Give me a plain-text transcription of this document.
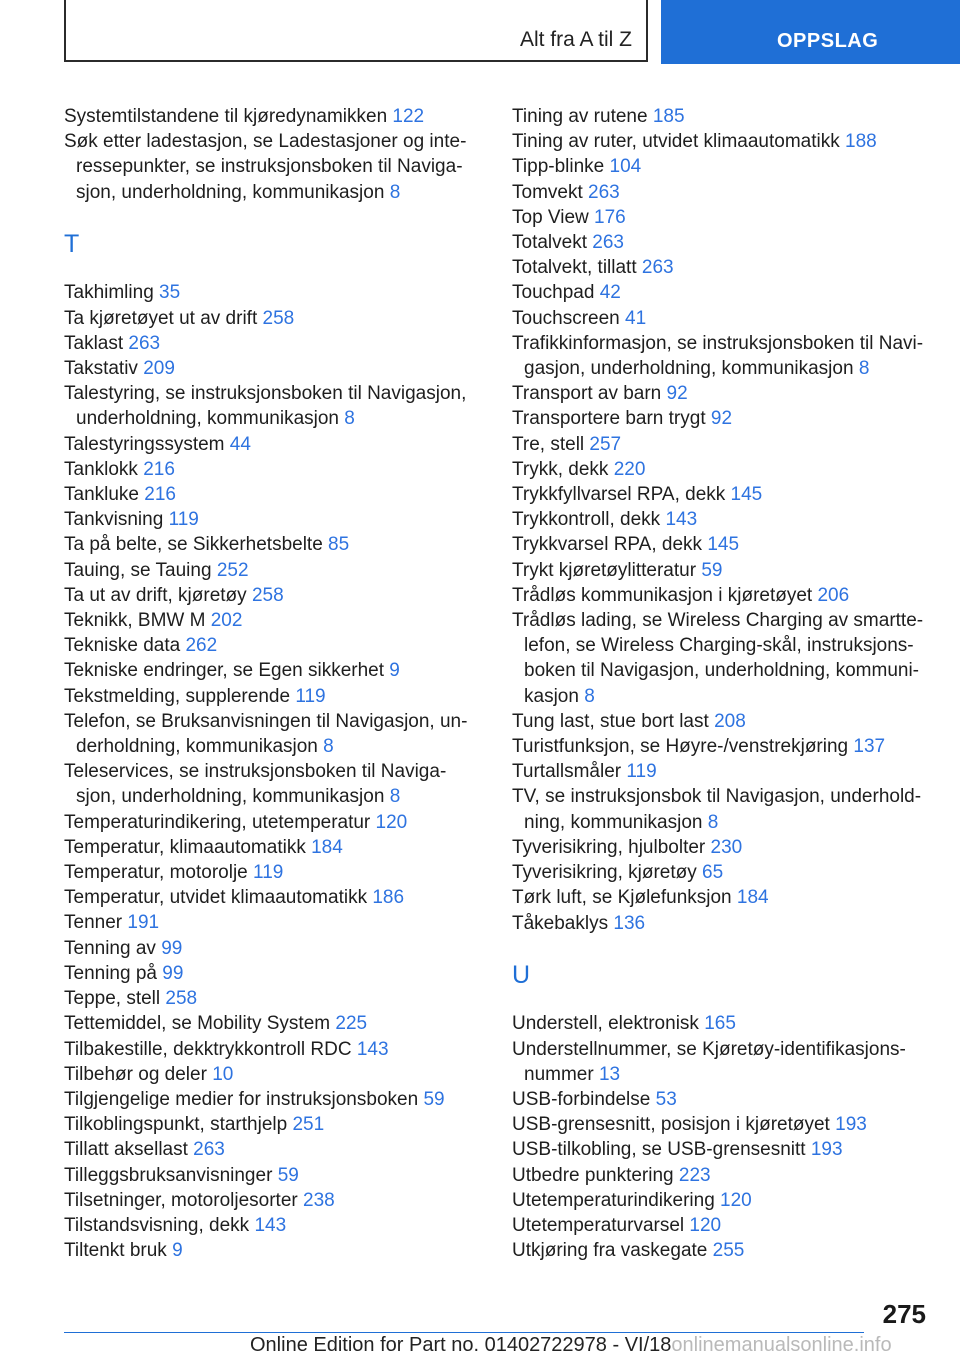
Alt fra A til Z	OPPSLAG
Systemtilstandene til kjøredynamikken 122
Søk etter ladestasjon, se Ladestasjoner og inte-ressepunkter, se instruksjonsboken til Naviga-sjon, underholdning, kommunikasjon 8
T
Takhimling 35
Ta kjøretøyet ut av drift 258
Taklast 263
Takstativ 209
Talestyring, se instruksjonsboken til Navigasjon, underholdning, kommunikasjon 8
Talestyringssystem 44
Tanklokk 216
Tankluke 216
Tankvisning 119
Ta på belte, se Sikkerhetsbelte 85
Tauing, se Tauing 252
Ta ut av drift, kjøretøy 258
Teknikk, BMW M 202
Tekniske data 262
Tekniske endringer, se Egen sikkerhet 9
Tekstmelding, supplerende 119
Telefon, se Bruksanvisningen til Navigasjon, un-derholdning, kommunikasjon 8
Teleservices, se instruksjonsboken til Naviga-sjon, underholdning, kommunikasjon 8
Temperaturindikering, utetemperatur 120
Temperatur, klimaautomatikk 184
Temperatur, motorolje 119
Temperatur, utvidet klimaautomatikk 186
Tenner 191
Tenning av 99
Tenning på 99
Teppe, stell 258
Tettemiddel, se Mobility System 225
Tilbakestille, dekktrykkontroll RDC 143
Tilbehør og deler 10
Tilgjengelige medier for instruksjonsboken 59
Tilkoblingspunkt, starthjelp 251
Tillatt aksellast 263
Tilleggsbruksanvisninger 59
Tilsetninger, motoroljesorter 238
Tilstandsvisning, dekk 143
Tiltenkt bruk 9
Tining av rutene 185
Tining av ruter, utvidet klimaautomatikk 188
Tipp-blinke 104
Tomvekt 263
Top View 176
Totalvekt 263
Totalvekt, tillatt 263
Touchpad 42
Touchscreen 41
Trafikkinformasjon, se instruksjonsboken til Navi-gasjon, underholdning, kommunikasjon 8
Transport av barn 92
Transportere barn trygt 92
Tre, stell 257
Trykk, dekk 220
Trykkfyllvarsel RPA, dekk 145
Trykkontroll, dekk 143
Trykkvarsel RPA, dekk 145
Trykt kjøretøylitteratur 59
Trådløs kommunikasjon i kjøretøyet 206
Trådløs lading, se Wireless Charging av smartte-lefon, se Wireless Charging-skål, instruksjons-boken til Navigasjon, underholdning, kommuni-kasjon 8
Tung last, stue bort last 208
Turistfunksjon, se Høyre-/venstrekjøring 137
Turtallsmåler 119
TV, se instruksjonsbok til Navigasjon, underhold-ning, kommunikasjon 8
Tyverisikring, hjulbolter 230
Tyverisikring, kjøretøy 65
Tørk luft, se Kjølefunksjon 184
Tåkebaklys 136
U
Understell, elektronisk 165
Understellnummer, se Kjøretøy-identifikasjons-nummer 13
USB-forbindelse 53
USB-grensesnitt, posisjon i kjøretøyet 193
USB-tilkobling, se USB-grensesnitt 193
Utbedre punktering 223
Utetemperaturindikering 120
Utetemperaturvarsel 120
Utkjøring fra vaskegate 255
275
Online Edition for Part no. 01402722978 - VI/18onlinemanualsonline.info
